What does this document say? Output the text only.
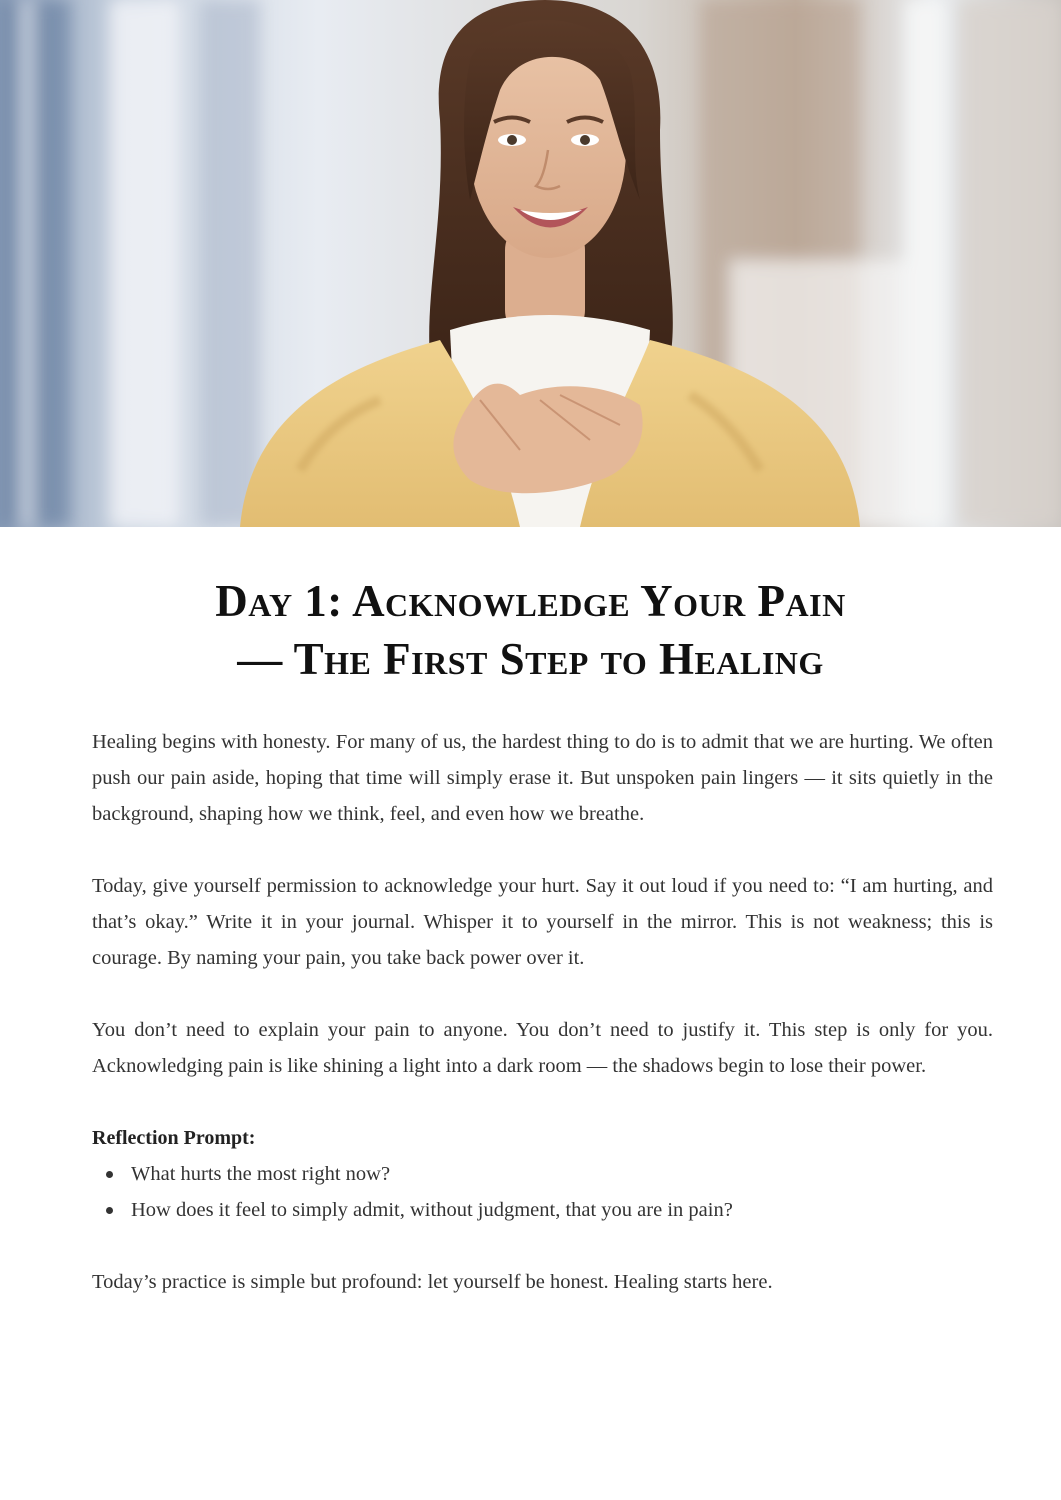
Day 1: Acknowledge Your Pain
— The First Step to Healing

Healing begins with honesty. For many of us, the hardest thing to do is to admit that we are hurting. We often push our pain aside, hoping that time will simply erase it. But unspoken pain lingers — it sits quietly in the background, shaping how we think, feel, and even how we breathe.

Today, give yourself permission to acknowledge your hurt. Say it out loud if you need to: “I am hurting, and that’s okay.” Write it in your journal. Whisper it to yourself in the mirror. This is not weakness; this is courage. By naming your pain, you take back power over it.

You don’t need to explain your pain to anyone. You don’t need to justify it. This step is only for you. Acknowledging pain is like shining a light into a dark room — the shadows begin to lose their power.

Reflection Prompt:
What hurts the most right now?
How does it feel to simply admit, without judgment, that you are in pain?

Today’s practice is simple but profound: let yourself be honest. Healing starts here.
